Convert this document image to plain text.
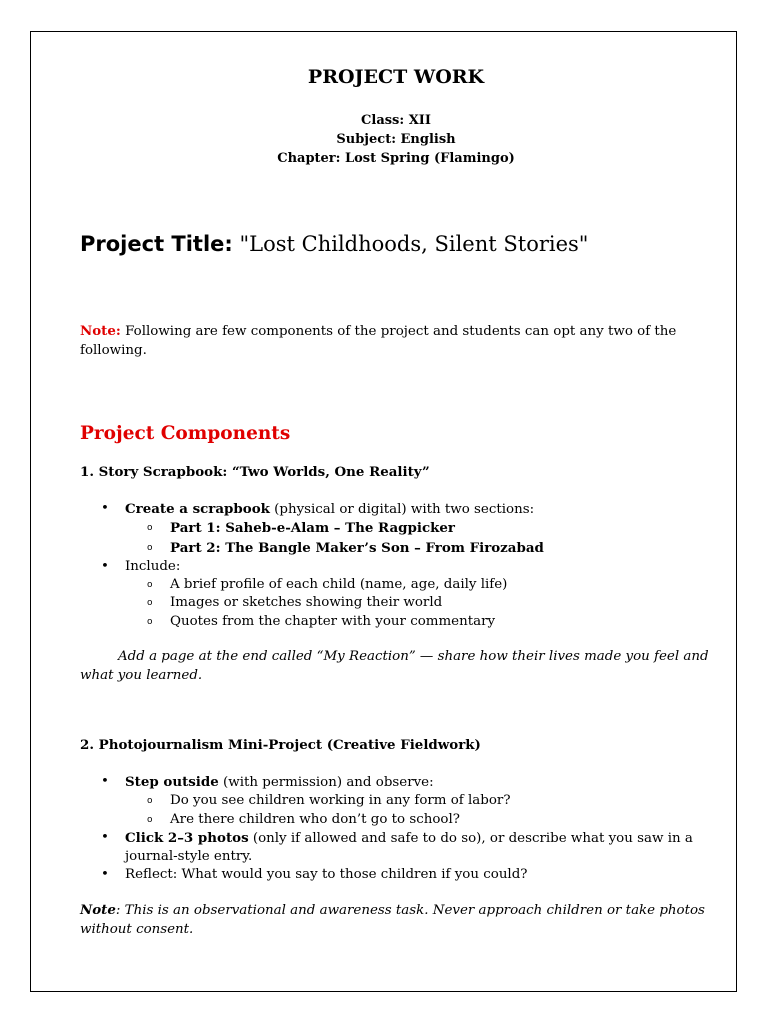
PROJECT WORK
Class: XII
Subject: English
Chapter: Lost Spring (Flamingo)
Project Title: "Lost Childhoods, Silent Stories"
Note: Following are few components of the project and students can opt any two of the following.
Project Components
1. Story Scrapbook: “Two Worlds, One Reality”
• Create a scrapbook (physical or digital) with two sections:
o Part 1: Saheb-e-Alam – The Ragpicker
o Part 2: The Bangle Maker’s Son – From Firozabad
• Include:
o A brief profile of each child (name, age, daily life)
o Images or sketches showing their world
o Quotes from the chapter with your commentary
Add a page at the end called “My Reaction” — share how their lives made you feel and what you learned.
2. Photojournalism Mini-Project (Creative Fieldwork)
• Step outside (with permission) and observe:
o Do you see children working in any form of labor?
o Are there children who don’t go to school?
• Click 2–3 photos (only if allowed and safe to do so), or describe what you saw in a journal-style entry.
• Reflect: What would you say to those children if you could?
Note: This is an observational and awareness task. Never approach children or take photos without consent.
